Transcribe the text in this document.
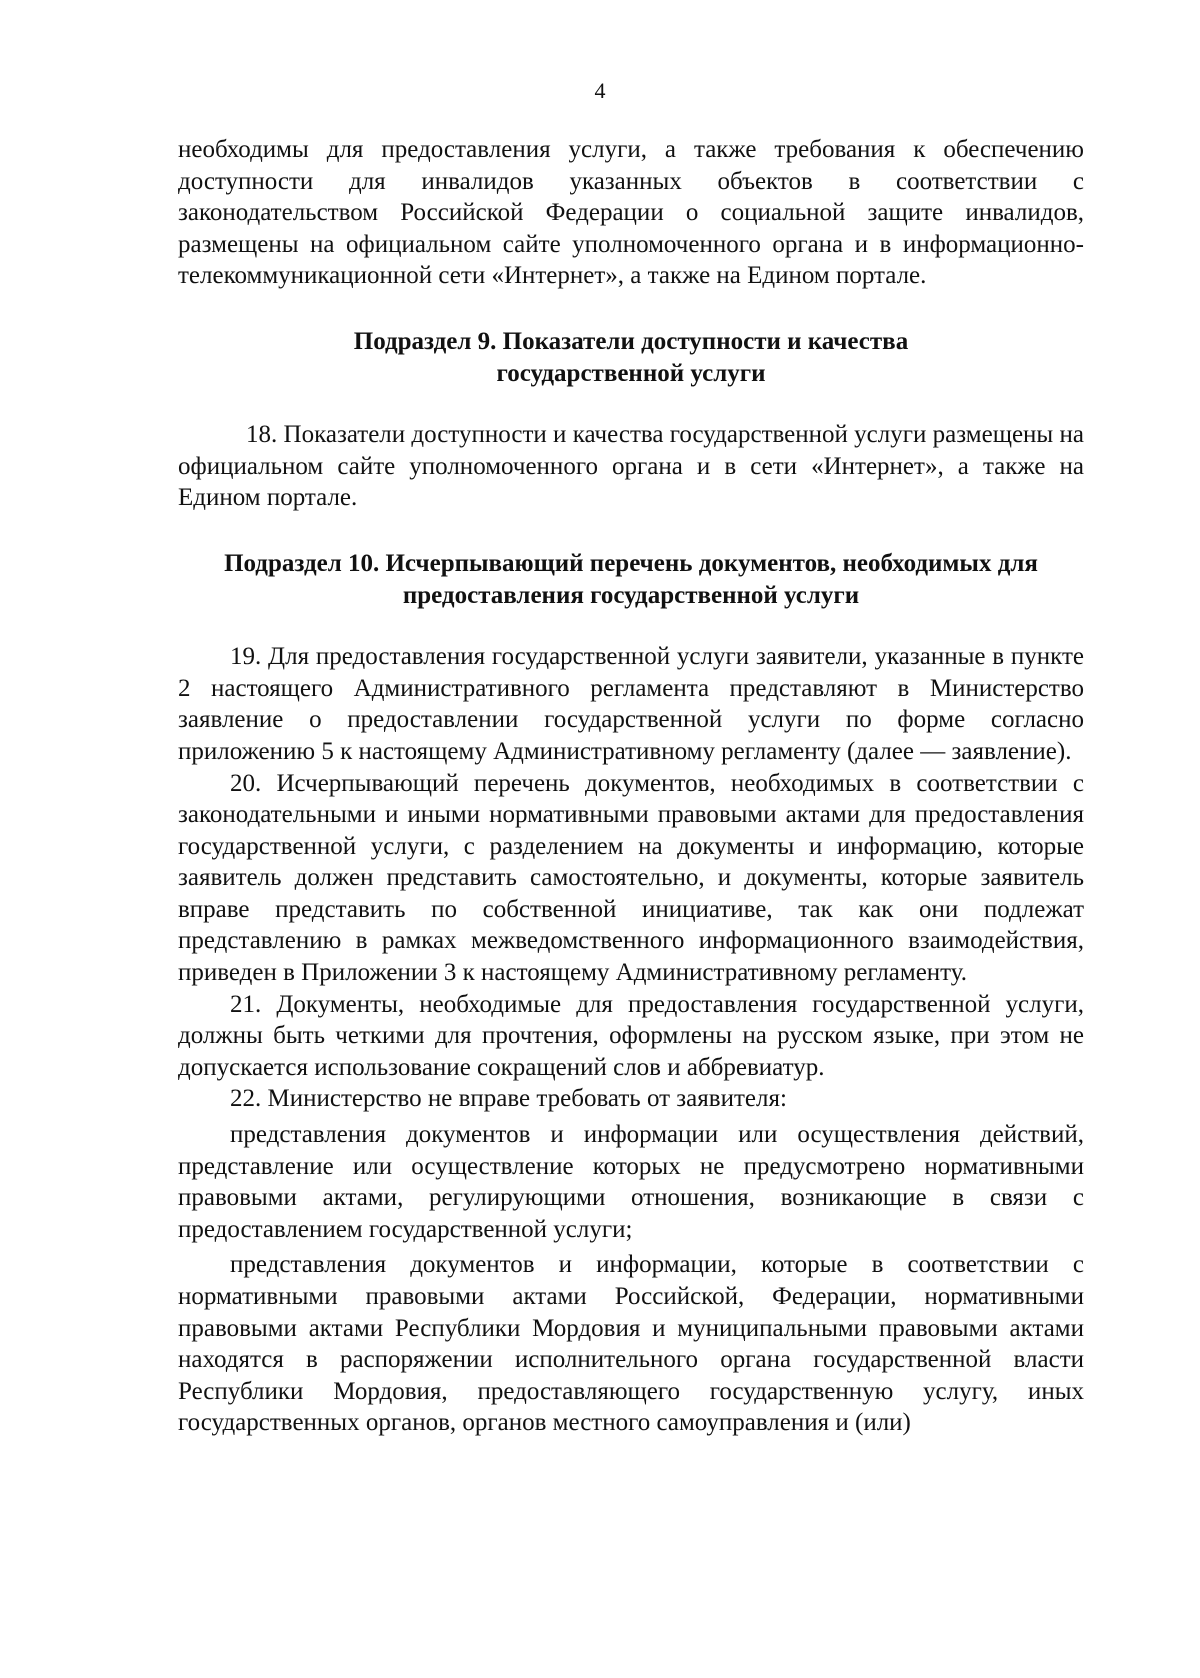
4

необходимы для предоставления услуги, а также требования к обеспечению доступности для инвалидов указанных объектов в соответствии с законодательством Российской Федерации о социальной защите инвалидов, размещены на официальном сайте уполномоченного органа и в информационно-телекоммуникационной сети «Интернет», а также на Едином портале.

Подраздел 9. Показатели доступности и качества

государственной услуги

18. Показатели доступности и качества государственной услуги размещены на официальном сайте уполномоченного органа и в сети «Интернет», а также на Едином портале.

Подраздел 10. Исчерпывающий перечень документов, необходимых для

предоставления государственной услуги

19. Для предоставления государственной услуги заявители, указанные в пункте 2 настоящего Административного регламента представляют в Министерство заявление о предоставлении государственной услуги по форме согласно приложению 5 к настоящему Административному регламенту (далее — заявление).

20. Исчерпывающий перечень документов, необходимых в соответствии с законодательными и иными нормативными правовыми актами для предоставления государственной услуги, с разделением на документы и информацию, которые заявитель должен представить самостоятельно, и документы, которые заявитель вправе представить по собственной инициативе, так как они подлежат представлению в рамках межведомственного информационного взаимодействия, приведен в Приложении 3 к настоящему Административному регламенту.

21. Документы, необходимые для предоставления государственной услуги, должны быть четкими для прочтения, оформлены на русском языке, при этом не допускается использование сокращений слов и аббревиатур.

22. Министерство не вправе требовать от заявителя:

представления документов и информации или осуществления действий, представление или осуществление которых не предусмотрено нормативными правовыми актами, регулирующими отношения, возникающие в связи с предоставлением государственной услуги;

представления документов и информации, которые в соответствии с нормативными правовыми актами Российской, Федерации, нормативными правовыми актами Республики Мордовия и муниципальными правовыми актами находятся в распоряжении исполнительного органа государственной власти Республики Мордовия, предоставляющего государственную услугу, иных государственных органов, органов местного самоуправления и (или)
